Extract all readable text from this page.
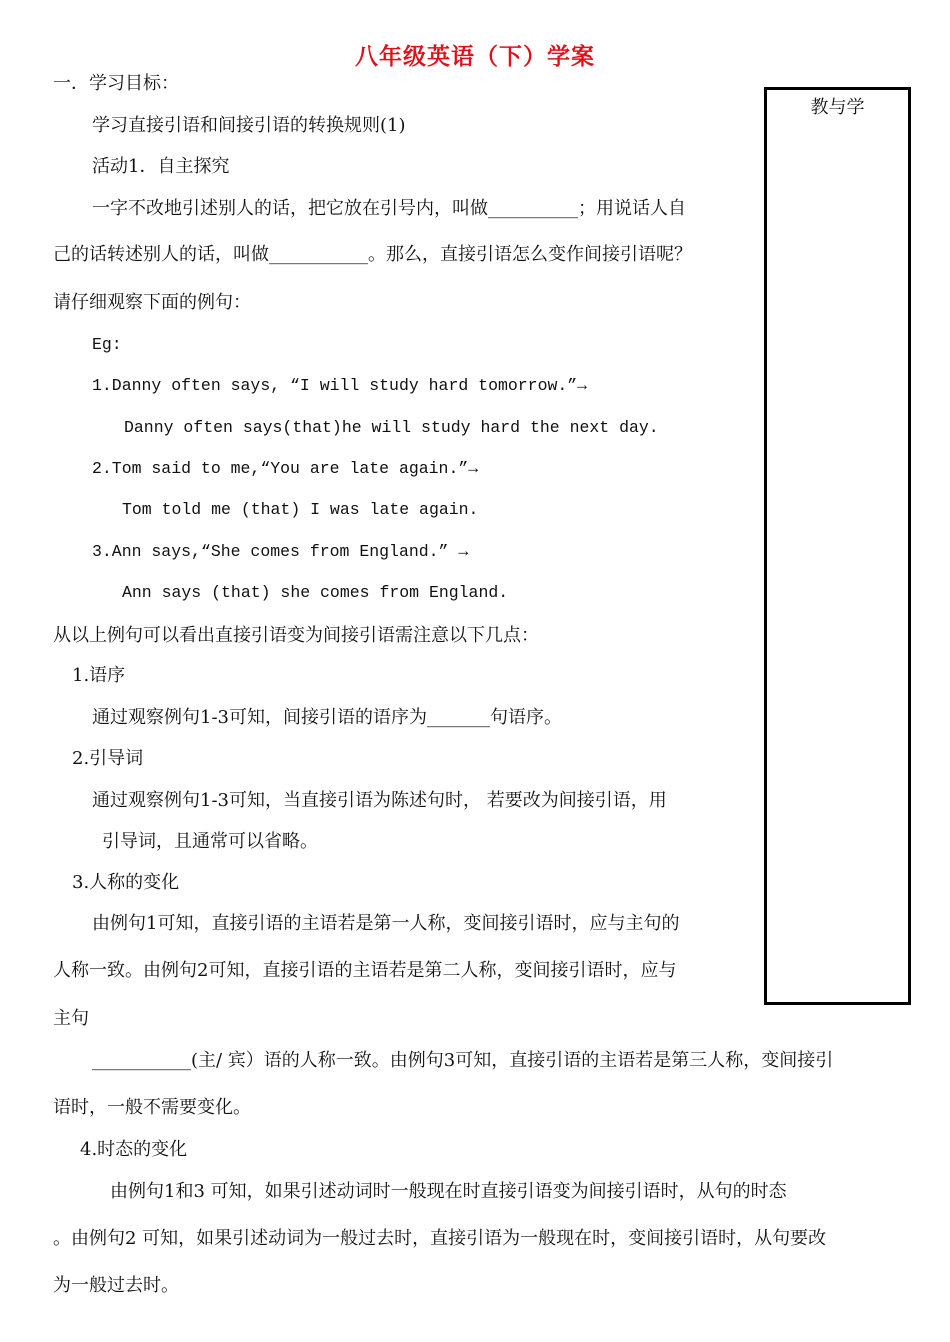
八年级英语（下）学案
教与学
一．学习目标：
学习直接引语和间接引语的转换规则(1)
活动1．自主探究
一字不改地引述别人的话，把它放在引号内，叫做__________；用说话人自
己的话转述别人的话，叫做___________。那么，直接引语怎么变作间接引语呢？
请仔细观察下面的例句：
Eg:
1.Danny often says, “I will study hard tomorrow.”→
Danny often says(that)he will study hard the next day.
2.Tom said to me,“You are late again.”→
Tom told me (that) I was late again.
3.Ann says,“She comes from England.” →
Ann says (that) she comes from England.
从以上例句可以看出直接引语变为间接引语需注意以下几点：
1.语序
通过观察例句1-3可知，间接引语的语序为_______句语序。
2.引导词
通过观察例句1-3可知，当直接引语为陈述句时， 若要改为间接引语，用
引导词，且通常可以省略。
3.人称的变化
由例句1可知，直接引语的主语若是第一人称，变间接引语时，应与主句的
人称一致。由例句2可知，直接引语的主语若是第二人称，变间接引语时，应与
主句
___________(主/ 宾）语的人称一致。由例句3可知，直接引语的主语若是第三人称，变间接引
语时，一般不需要变化。
4.时态的变化
由例句1和3 可知，如果引述动词时一般现在时直接引语变为间接引语时，从句的时态
。由例句2 可知，如果引述动词为一般过去时，直接引语为一般现在时，变间接引语时，从句要改
为一般过去时。
